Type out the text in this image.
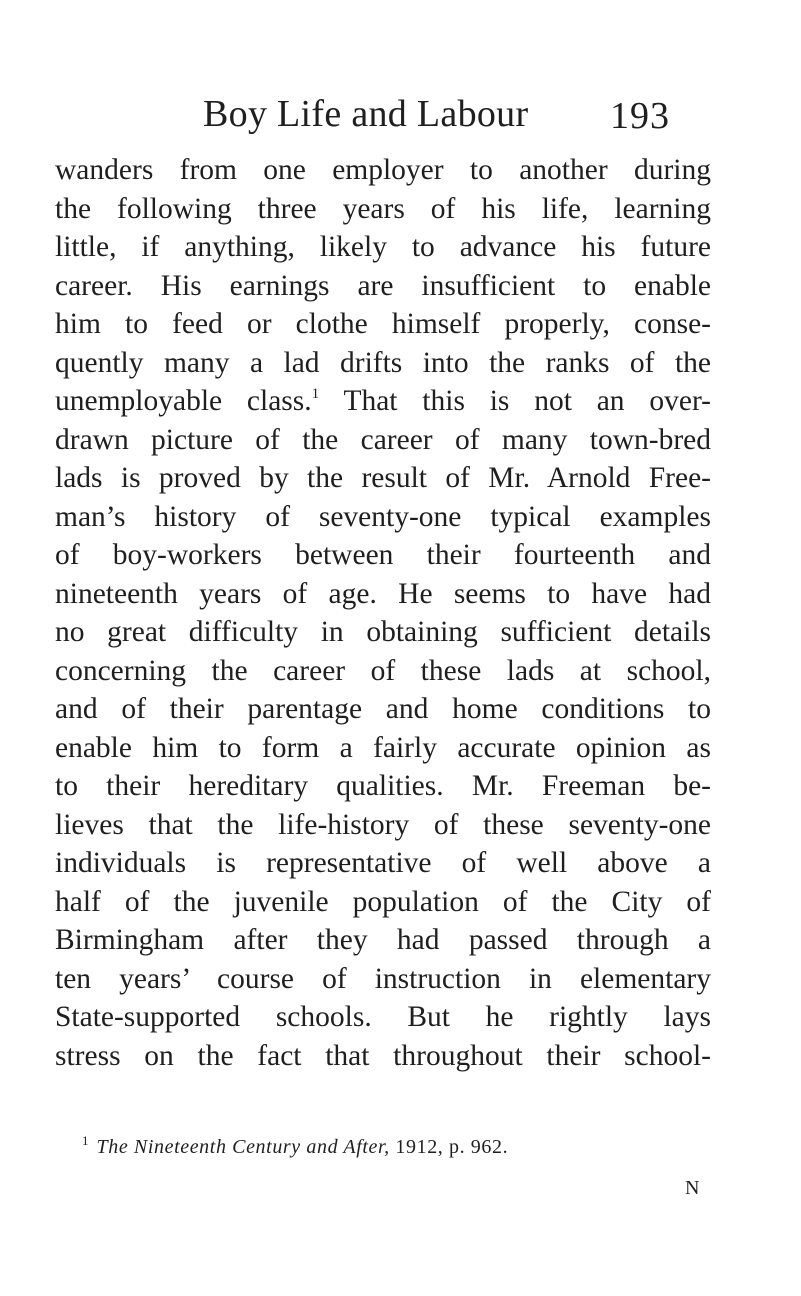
Boy Life and Labour 193
wanders from one employer to another during
the following three years of his life, learning
little, if anything, likely to advance his future
career. His earnings are insufficient to enable
him to feed or clothe himself properly, conse-
quently many a lad drifts into the ranks of the
unemployable class.$^1$ That this is not an over-
drawn picture of the career of many town-bred
lads is proved by the result of Mr. Arnold Free-
man’s history of seventy-one typical examples
of boy-workers between their fourteenth and
nineteenth years of age. He seems to have had
no great difficulty in obtaining sufficient details
concerning the career of these lads at school,
and of their parentage and home conditions to
enable him to form a fairly accurate opinion as
to their hereditary qualities. Mr. Freeman be-
lieves that the life-history of these seventy-one
individuals is representative of well above a
half of the juvenile population of the City of
Birmingham after they had passed through a
ten years’ course of instruction in elementary
State-supported schools. But he rightly lays
stress on the fact that throughout their school-
$^1$ The Nineteenth Century and After, 1912, p. 962.
N
